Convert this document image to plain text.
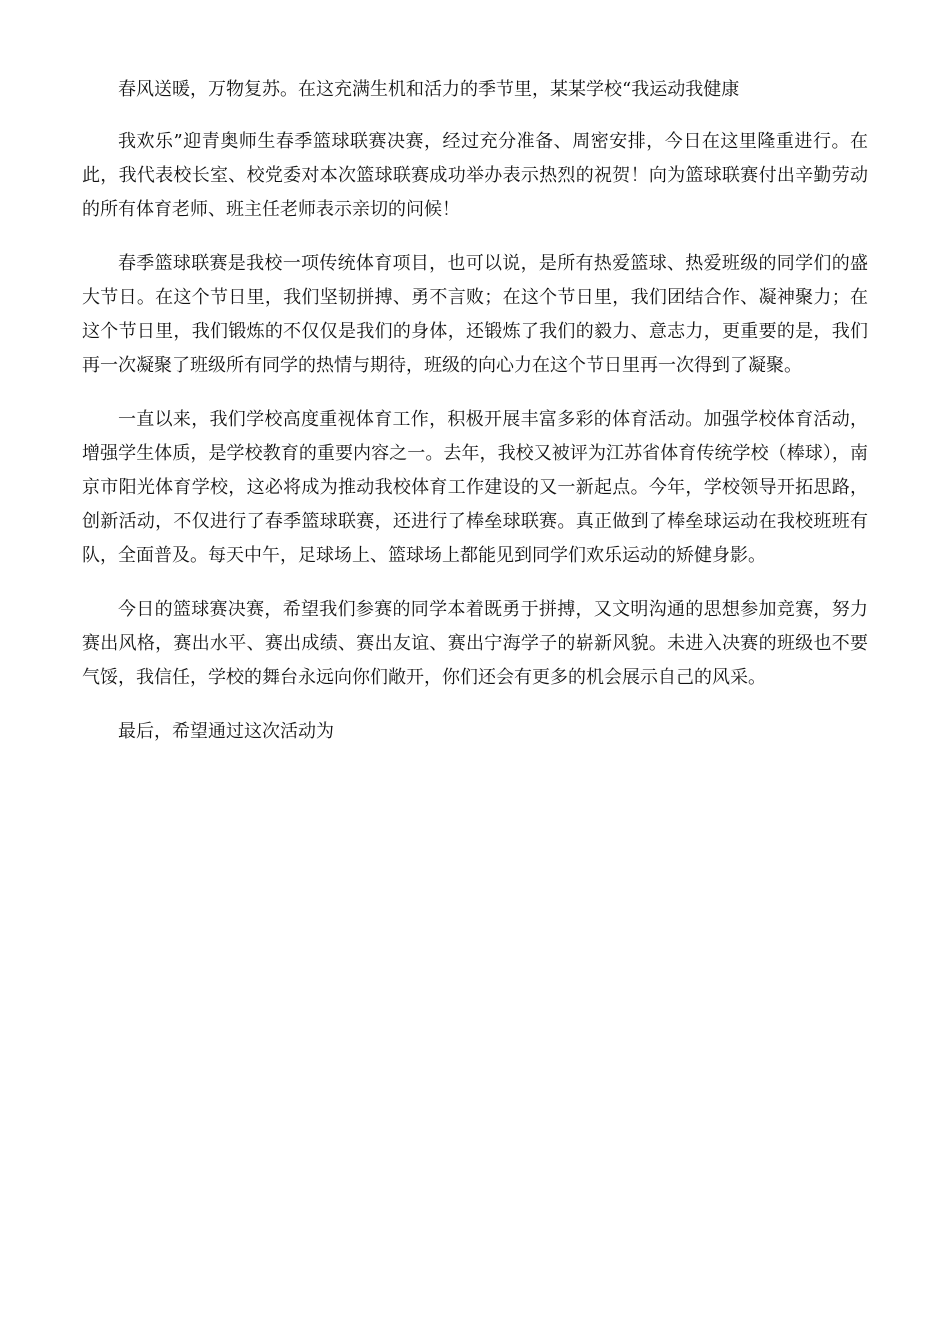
春风送暖，万物复苏。在这充满生机和活力的季节里，某某学校“我运动我健康

我欢乐”迎青奥师生春季篮球联赛决赛，经过充分准备、周密安排，今日在这里隆重进行。在此，我代表校长室、校党委对本次篮球联赛成功举办表示热烈的祝贺！向为篮球联赛付出辛勤劳动的所有体育老师、班主任老师表示亲切的问候！

春季篮球联赛是我校一项传统体育项目，也可以说，是所有热爱篮球、热爱班级的同学们的盛大节日。在这个节日里，我们坚韧拼搏、勇不言败；在这个节日里，我们团结合作、凝神聚力；在这个节日里，我们锻炼的不仅仅是我们的身体，还锻炼了我们的毅力、意志力，更重要的是，我们再一次凝聚了班级所有同学的热情与期待，班级的向心力在这个节日里再一次得到了凝聚。

一直以来，我们学校高度重视体育工作，积极开展丰富多彩的体育活动。加强学校体育活动，增强学生体质，是学校教育的重要内容之一。去年，我校又被评为江苏省体育传统学校（棒球），南京市阳光体育学校，这必将成为推动我校体育工作建设的又一新起点。今年，学校领导开拓思路，创新活动，不仅进行了春季篮球联赛，还进行了棒垒球联赛。真正做到了棒垒球运动在我校班班有队，全面普及。每天中午，足球场上、篮球场上都能见到同学们欢乐运动的矫健身影。

今日的篮球赛决赛，希望我们参赛的同学本着既勇于拼搏，又文明沟通的思想参加竞赛，努力赛出风格，赛出水平、赛出成绩、赛出友谊、赛出宁海学子的崭新风貌。未进入决赛的班级也不要气馁，我信任，学校的舞台永远向你们敞开，你们还会有更多的机会展示自己的风采。

最后，希望通过这次活动为
